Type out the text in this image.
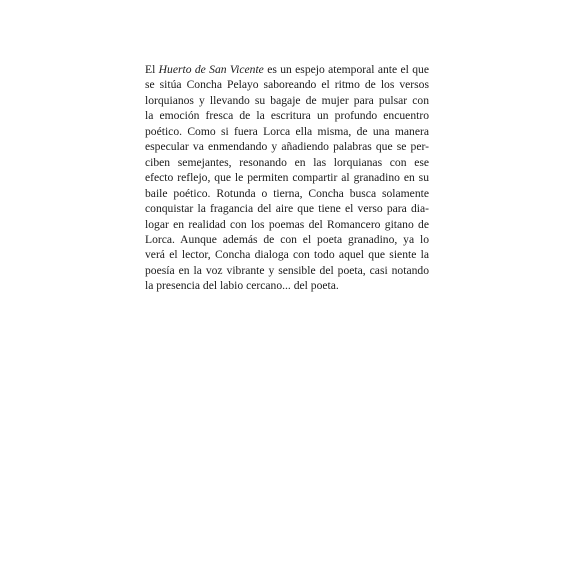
El Huerto de San Vicente es un espejo atemporal ante el que
se sitúa Concha Pelayo saboreando el ritmo de los versos
lorquianos y llevando su bagaje de mujer para pulsar con
la emoción fresca de la escritura un profundo encuentro
poético. Como si fuera Lorca ella misma, de una manera
especular va enmendando y añadiendo palabras que se per-
ciben semejantes, resonando en las lorquianas con ese
efecto reflejo, que le permiten compartir al granadino en su
baile poético. Rotunda o tierna, Concha busca solamente
conquistar la fragancia del aire que tiene el verso para dia-
logar en realidad con los poemas del Romancero gitano de
Lorca. Aunque además de con el poeta granadino, ya lo
verá el lector, Concha dialoga con todo aquel que siente la
poesía en la voz vibrante y sensible del poeta, casi notando
la presencia del labio cercano... del poeta.
